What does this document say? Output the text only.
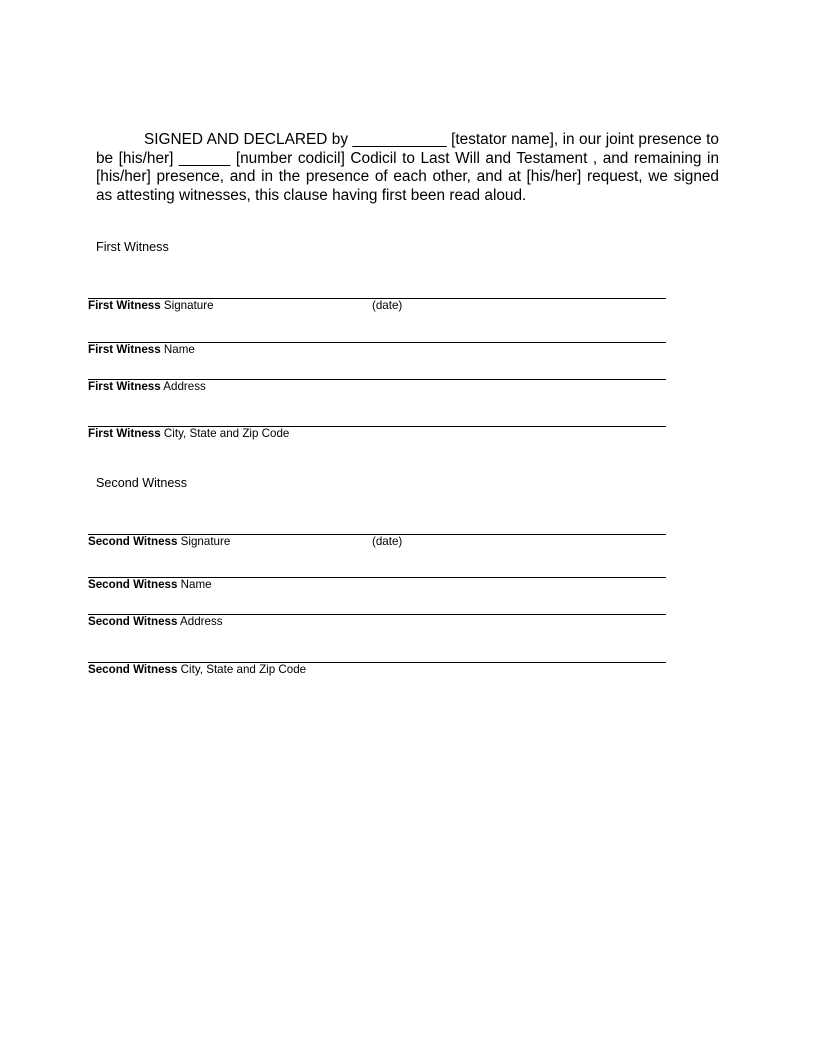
SIGNED AND DECLARED by ___________ [testator name], in our joint presence to be [his/her] ______ [number codicil] Codicil to Last Will and Testament , and remaining in [his/her] presence, and in the presence of each other, and at [his/her] request, we signed as attesting witnesses, this clause having first been read aloud.

First Witness

First Witness Signature	(date)
First Witness Name
First Witness Address
First Witness City, State and Zip Code

Second Witness

Second Witness Signature	(date)
Second Witness Name
Second Witness Address
Second Witness City, State and Zip Code
